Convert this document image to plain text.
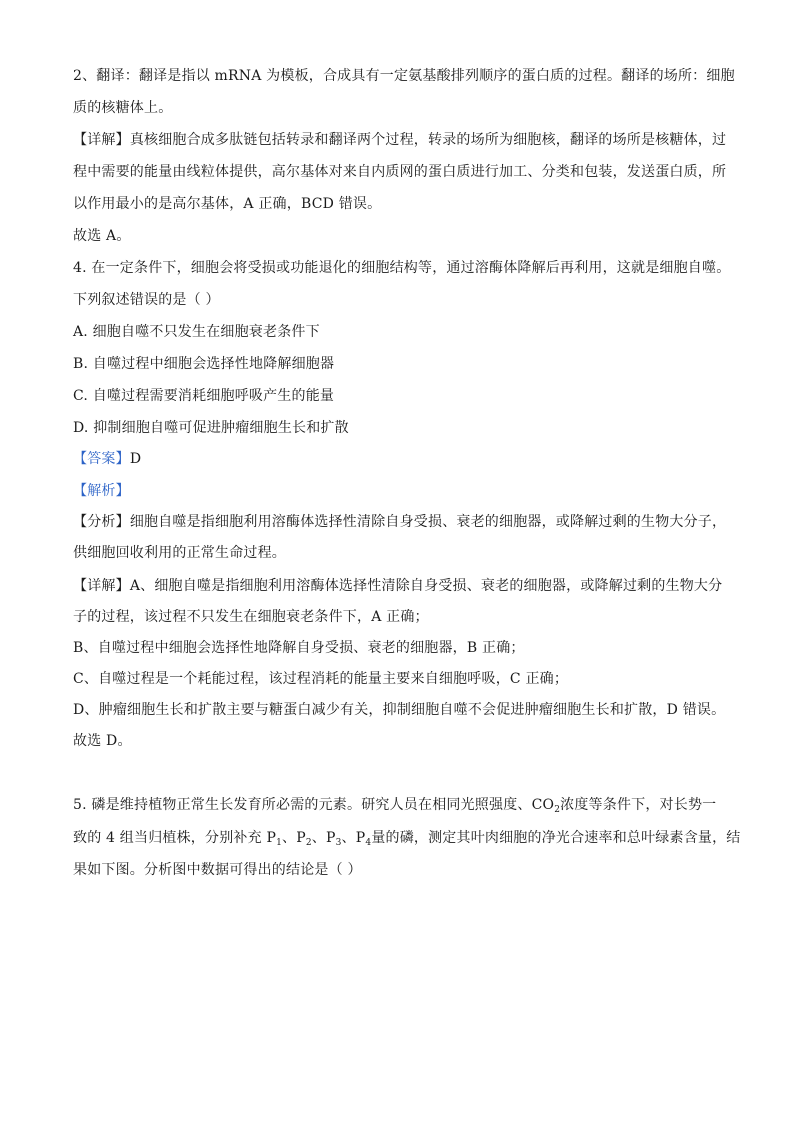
2、翻译：翻译是指以 mRNA 为模板，合成具有一定氨基酸排列顺序的蛋白质的过程。翻译的场所：细胞
质的核糖体上。
【详解】真核细胞合成多肽链包括转录和翻译两个过程，转录的场所为细胞核，翻译的场所是核糖体，过
程中需要的能量由线粒体提供，高尔基体对来自内质网的蛋白质进行加工、分类和包装，发送蛋白质，所
以作用最小的是高尔基体，A 正确，BCD 错误。
故选 A。
4. 在一定条件下，细胞会将受损或功能退化的细胞结构等，通过溶酶体降解后再利用，这就是细胞自噬。
下列叙述错误的是（ ）
A. 细胞自噬不只发生在细胞衰老条件下
B. 自噬过程中细胞会选择性地降解细胞器
C. 自噬过程需要消耗细胞呼吸产生的能量
D. 抑制细胞自噬可促进肿瘤细胞生长和扩散
【答案】D
【解析】
【分析】细胞自噬是指细胞利用溶酶体选择性清除自身受损、衰老的细胞器，或降解过剩的生物大分子，
供细胞回收利用的正常生命过程。
【详解】A、细胞自噬是指细胞利用溶酶体选择性清除自身受损、衰老的细胞器，或降解过剩的生物大分
子的过程，该过程不只发生在细胞衰老条件下，A 正确；
B、自噬过程中细胞会选择性地降解自身受损、衰老的细胞器，B 正确；
C、自噬过程是一个耗能过程，该过程消耗的能量主要来自细胞呼吸，C 正确；
D、肿瘤细胞生长和扩散主要与糖蛋白减少有关，抑制细胞自噬不会促进肿瘤细胞生长和扩散，D 错误。
故选 D。
5. 磷是维持植物正常生长发育所必需的元素。研究人员在相同光照强度、$CO_2$浓度等条件下，对长势一
致的 4 组当归植株，分别补充 $P_1$、$P_2$、$P_3$、$P_4$量的磷，测定其叶肉细胞的净光合速率和总叶绿素含量，结
果如下图。分析图中数据可得出的结论是（ ）
